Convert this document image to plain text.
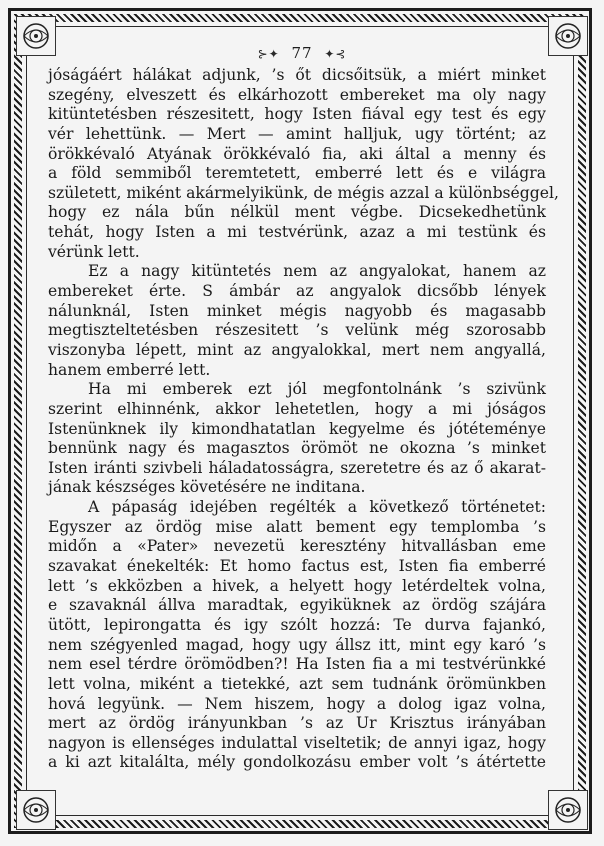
⊱✦ 77 ✦⊰
jóságáért hálákat adjunk, ’s őt dicsőitsük, a miért minket
szegény, elveszett és elkárhozott embereket ma oly nagy
kitüntetésben részesitett, hogy Isten fiával egy test és egy
vér lehettünk. — Mert — amint halljuk, ugy történt; az
örökkévaló Atyának örökkévaló fia, aki által a menny és
a föld semmiből teremtetett, emberré lett és e világra
született, miként akármelyikünk, de mégis azzal a különbséggel,
hogy ez nála bűn nélkül ment végbe. Dicsekedhetünk
tehát, hogy Isten a mi testvérünk, azaz a mi testünk és
vérünk lett.
Ez a nagy kitüntetés nem az angyalokat, hanem az
embereket érte. S ámbár az angyalok dicsőbb lények
nálunknál, Isten minket mégis nagyobb és magasabb
megtiszteltetésben részesitett ’s velünk még szorosabb
viszonyba lépett, mint az angyalokkal, mert nem angyallá,
hanem emberré lett.
Ha mi emberek ezt jól megfontolnánk ’s szivünk
szerint elhinnénk, akkor lehetetlen, hogy a mi jóságos
Istenünknek ily kimondhatatlan kegyelme és jótéteménye
bennünk nagy és magasztos örömöt ne okozna ’s minket
Isten iránti szivbeli háladatosságra, szeretetre és az ő akarat-
jának készséges követésére ne inditana.
A pápaság idejében regélték a következő történetet:
Egyszer az ördög mise alatt bement egy templomba ’s
midőn a «Pater» nevezetü keresztény hitvallásban eme
szavakat énekelték: Et homo factus est, Isten fia emberré
lett ’s ekközben a hivek, a helyett hogy letérdeltek volna,
e szavaknál állva maradtak, egyiküknek az ördög szájára
ütött, lepirongatta és igy szólt hozzá: Te durva fajankó,
nem szégyenled magad, hogy ugy állsz itt, mint egy karó ’s
nem esel térdre örömödben?! Ha Isten fia a mi testvérünkké
lett volna, miként a tietekké, azt sem tudnánk örömünkben
hová legyünk. — Nem hiszem, hogy a dolog igaz volna,
mert az ördög irányunkban ’s az Ur Krisztus irányában
nagyon is ellenséges indulattal viseltetik; de annyi igaz, hogy
a ki azt kitalálta, mély gondolkozásu ember volt ’s átértette
